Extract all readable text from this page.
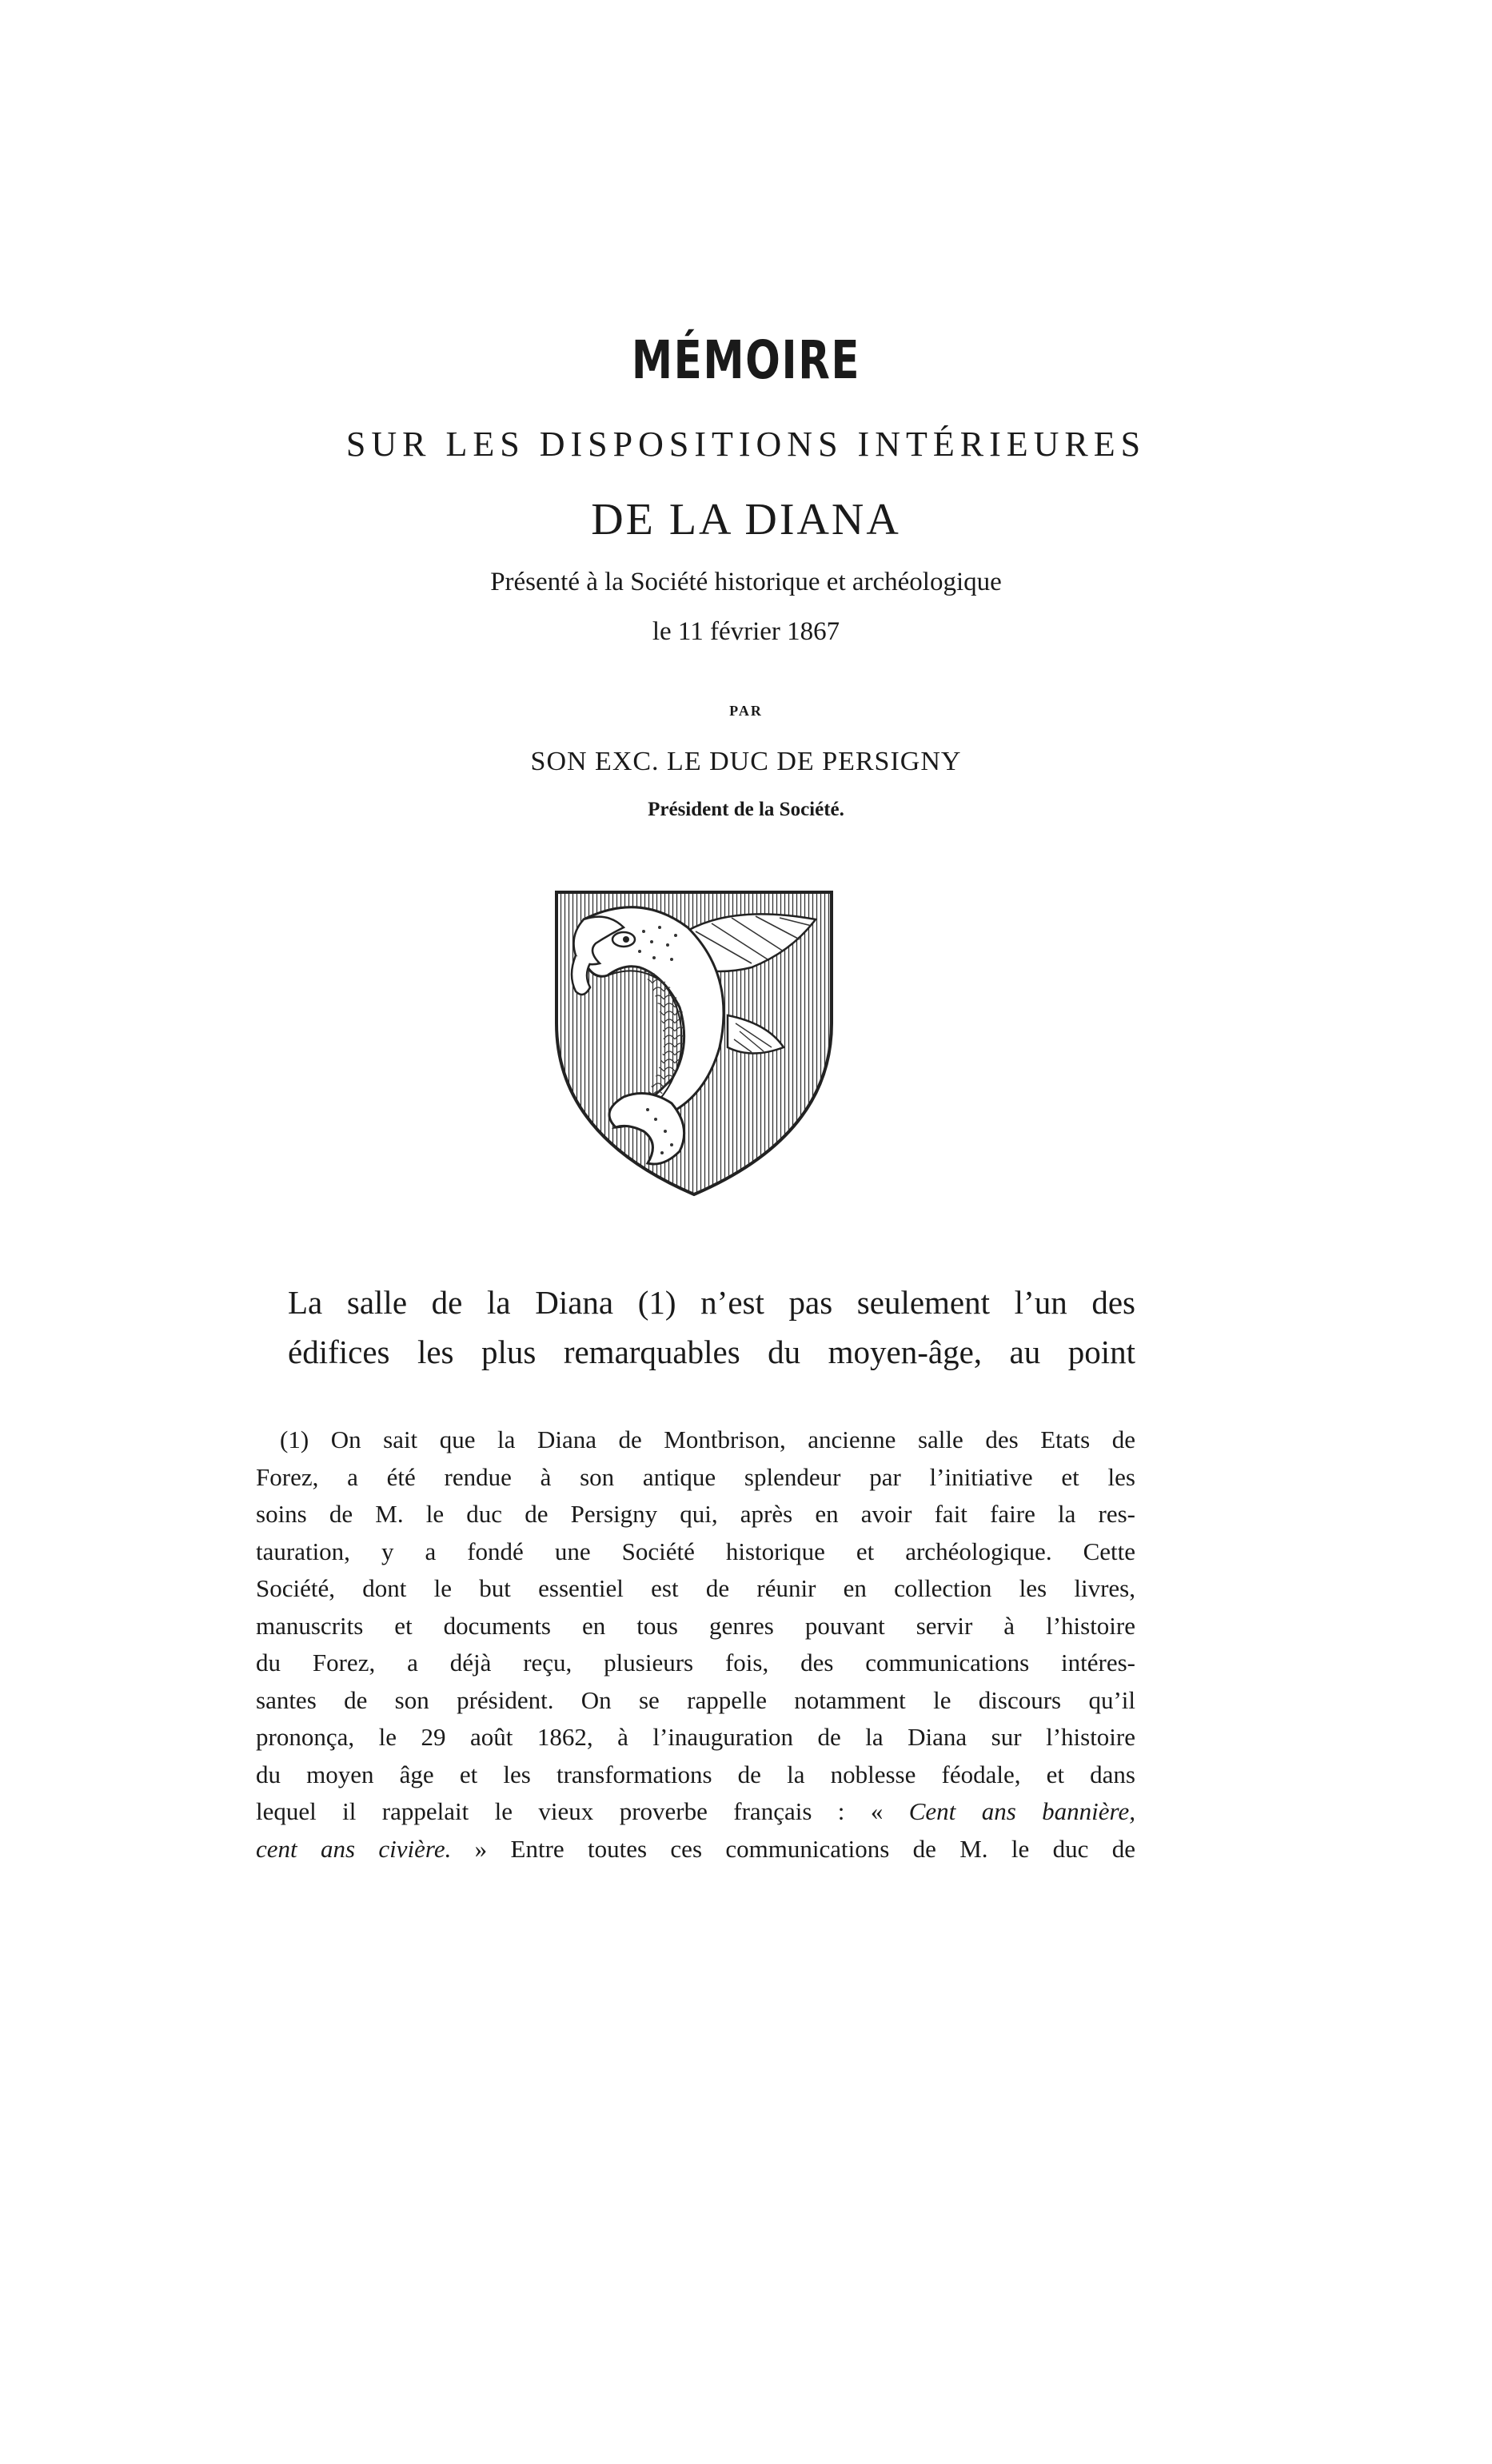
MÉMOIRE
SUR LES DISPOSITIONS INTÉRIEURES
DE LA DIANA
Présenté à la Société historique et archéologique
le 11 février 1867
PAR
SON EXC. LE DUC DE PERSIGNY
Président de la Société.
La salle de la Diana (1) n’est pas seulement l’un des
édifices les plus remarquables du moyen-âge, au point
(1) On sait que la Diana de Montbrison, ancienne salle des Etats de
Forez, a été rendue à son antique splendeur par l’initiative et les
soins de M. le duc de Persigny qui, après en avoir fait faire la res-
tauration, y a fondé une Société historique et archéologique. Cette
Société, dont le but essentiel est de réunir en collection les livres,
manuscrits et documents en tous genres pouvant servir à l’histoire
du Forez, a déjà reçu, plusieurs fois, des communications intéres-
santes de son président. On se rappelle notamment le discours qu’il
prononça, le 29 août 1862, à l’inauguration de la Diana sur l’histoire
du moyen âge et les transformations de la noblesse féodale, et dans
lequel il rappelait le vieux proverbe français : « Cent ans bannière,
cent ans civière. » Entre toutes ces communications de M. le duc de
